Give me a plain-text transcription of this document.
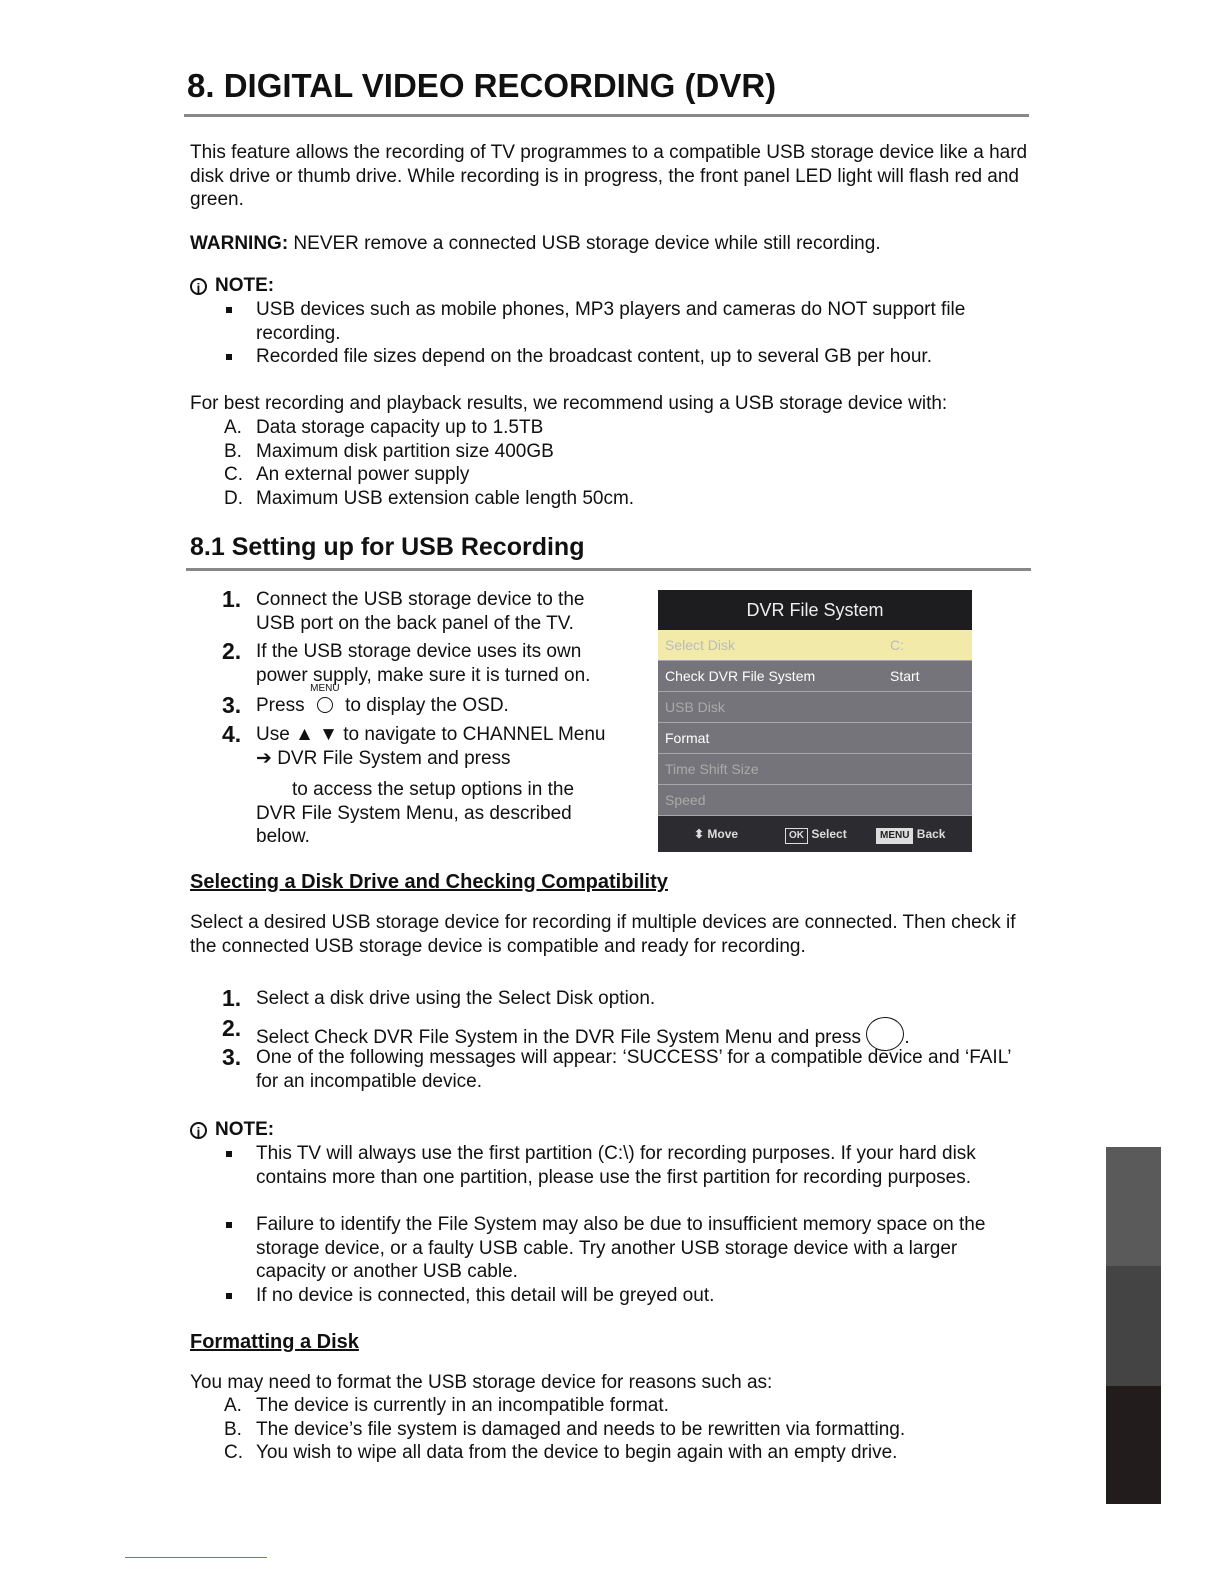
8. DIGITAL VIDEO RECORDING (DVR)

This feature allows the recording of TV programmes to a compatible USB storage device like a hard disk drive or thumb drive. While recording is in progress, the front panel LED light will flash red and green.

WARNING: NEVER remove a connected USB storage device while still recording.

i NOTE:
USB devices such as mobile phones, MP3 players and cameras do NOT support file recording.
Recorded file sizes depend on the broadcast content, up to several GB per hour.

For best recording and playback results, we recommend using a USB storage device with:

A. Data storage capacity up to 1.5TB
B. Maximum disk partition size 400GB
C. An external power supply
D. Maximum USB extension cable length 50cm.
8.1 Setting up for USB Recording
1. Connect the USB storage device to the USB port on the back panel of the TV.
2. If the USB storage device uses its own power supply, make sure it is turned on.
3. Press
MENU
to display the OSD.
4. Use ▲ ▼ to navigate to CHANNEL Menu ➔ DVR File System and press
to access the setup options in the DVR File System Menu, as described below.
DVR File System
Select Disk	C:
Check DVR File System	Start
USB Disk
Format
Time Shift Size
Speed
⬍ Move	OK Select	MENU Back
Selecting a Disk Drive and Checking Compatibility

Select a desired USB storage device for recording if multiple devices are connected. Then check if the connected USB storage device is compatible and ready for recording.

1. Select a disk drive using the Select Disk option.
2. Select Check DVR File System in the DVR File System Menu and press .
3. One of the following messages will appear: ‘SUCCESS’ for a compatible device and ‘FAIL’ for an incompatible device.
i NOTE:
This TV will always use the first partition (C:\) for recording purposes. If your hard disk contains more than one partition, please use the first partition for recording purposes.
Failure to identify the File System may also be due to insufficient memory space on the storage device, or a faulty USB cable. Try another USB storage device with a larger capacity or another USB cable.
If no device is connected, this detail will be greyed out.
Formatting a Disk

You may need to format the USB storage device for reasons such as:

A. The device is currently in an incompatible format.
B. The device’s file system is damaged and needs to be rewritten via formatting.
C. You wish to wipe all data from the device to begin again with an empty drive.
